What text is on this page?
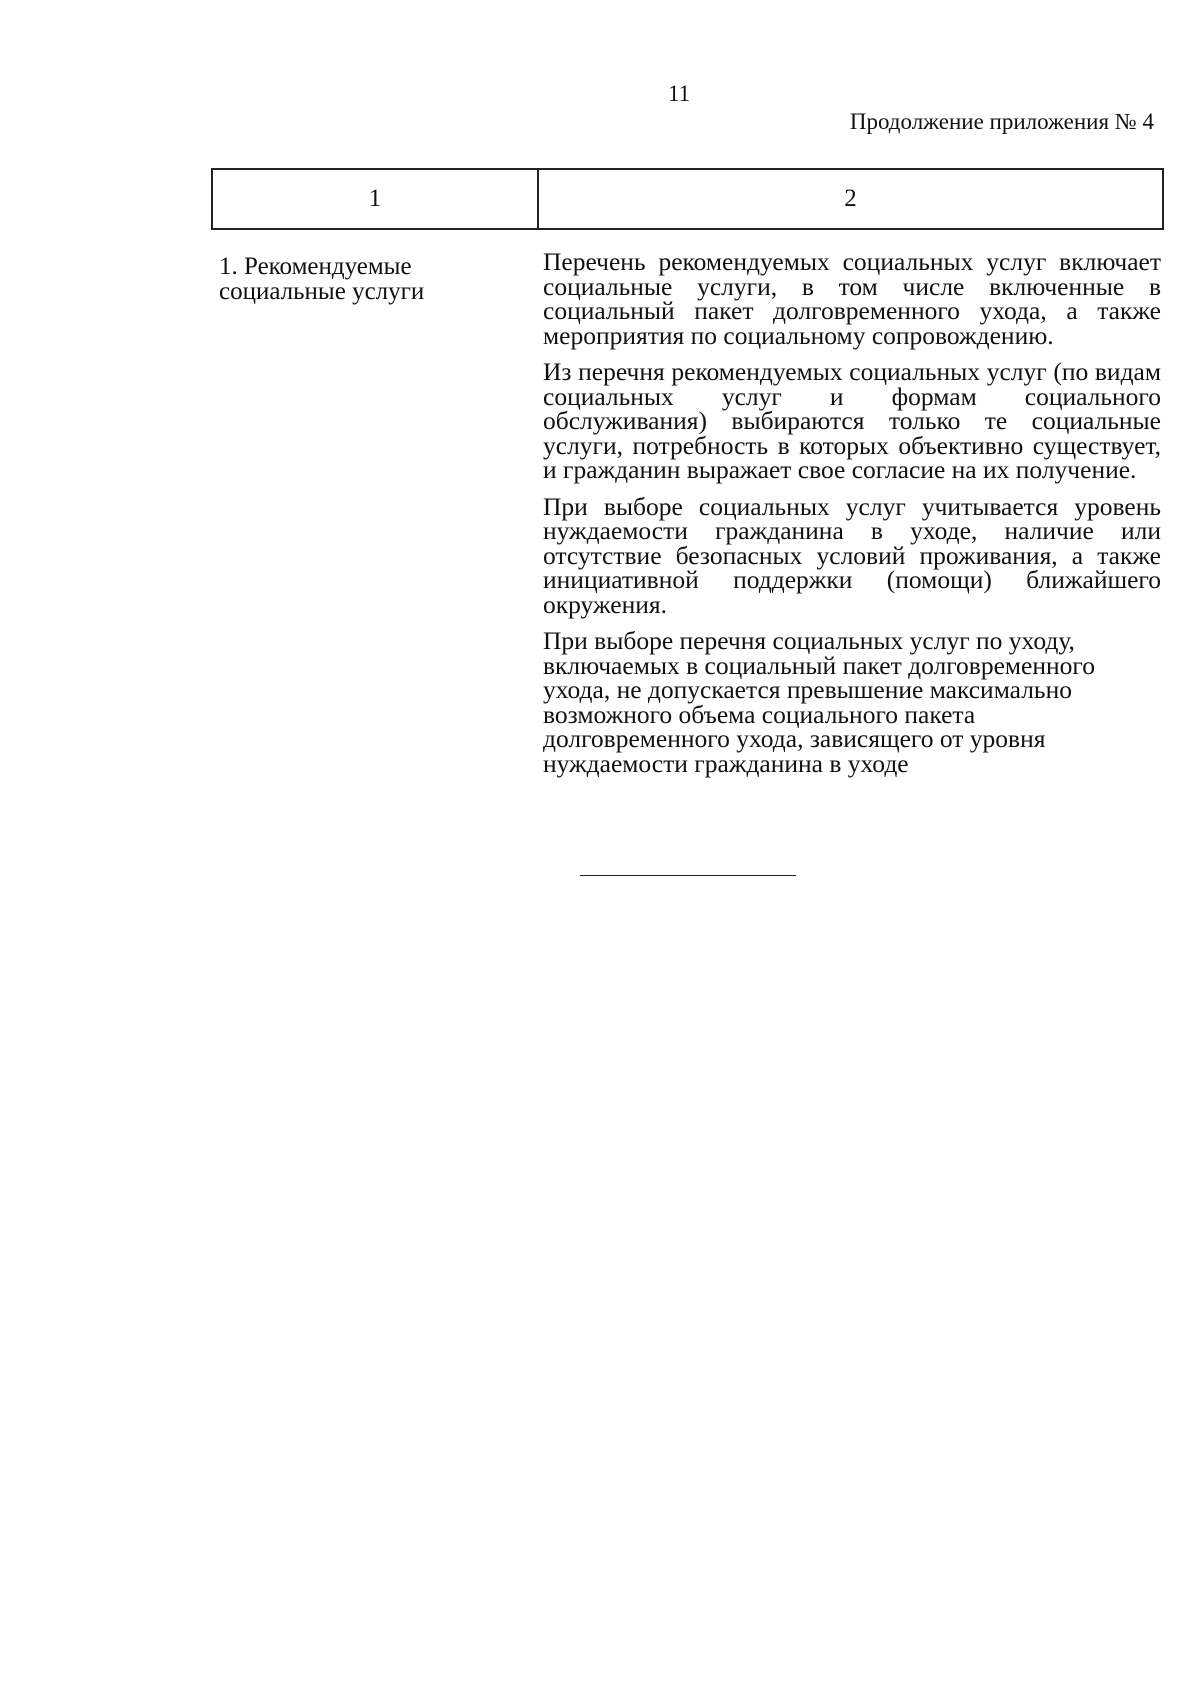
11
Продолжение приложения № 4
1	2
1. Рекомендуемые социальные услуги

Перечень рекомендуемых социальных услуг включает социальные услуги, в том числе включенные в социальный пакет долговременного ухода, а также мероприятия по социальному сопровождению.

Из перечня рекомендуемых социальных услуг (по видам социальных услуг и формам социального обслуживания) выбираются только те социальные услуги, потребность в которых объективно существует, и гражданин выражает свое согласие на их получение.

При выборе социальных услуг учитывается уровень нуждаемости гражданина в уходе, наличие или отсутствие безопасных условий проживания, а также инициативной поддержки (помощи) ближайшего окружения.

При выборе перечня социальных услуг по уходу, включаемых в социальный пакет долговременного ухода, не допускается превышение максимально возможного объема социального пакета долговременного ухода, зависящего от уровня нуждаемости гражданина в уходе
